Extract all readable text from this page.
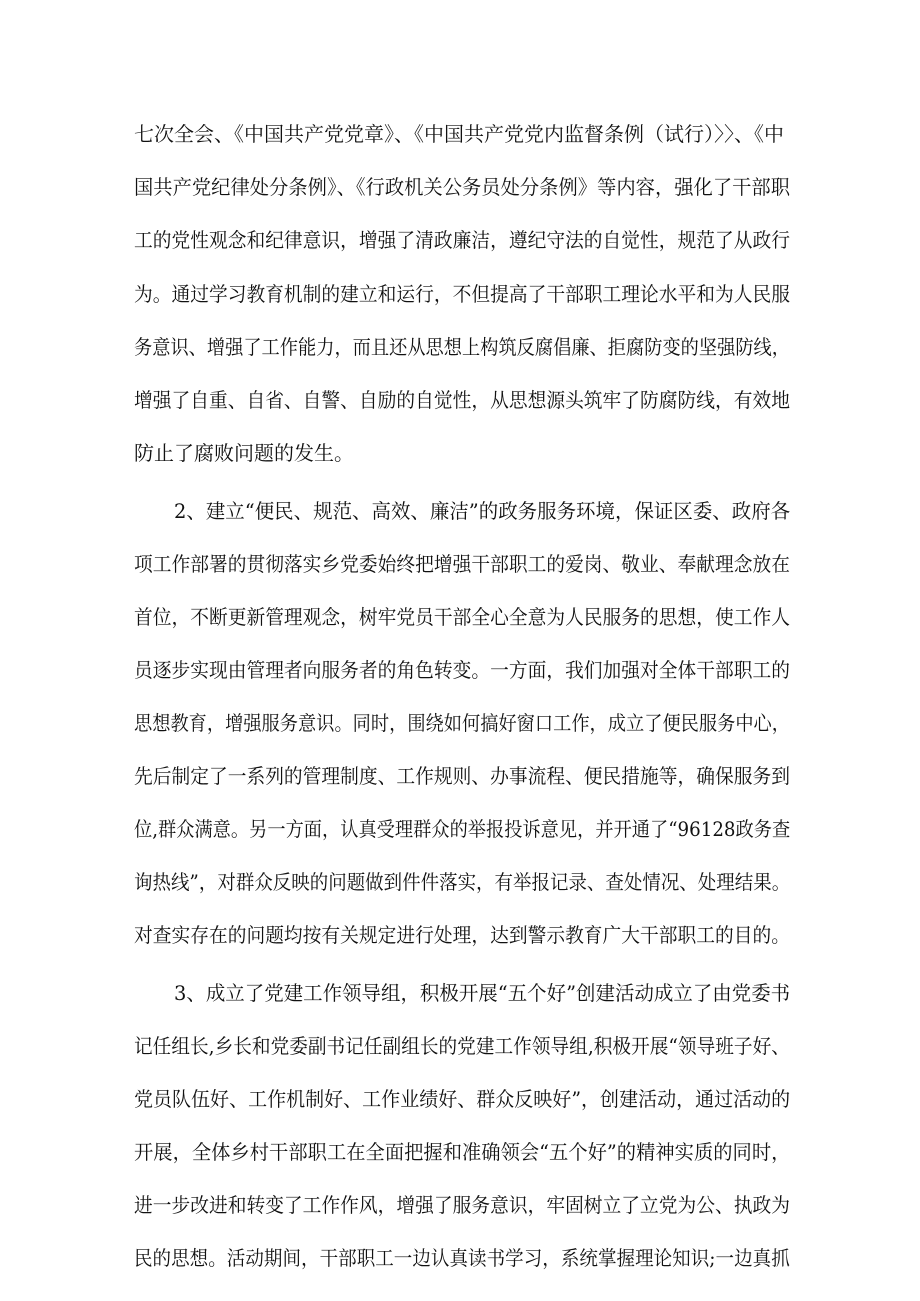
七次全会、《中国共产党党章》、《中国共产党党内监督条例（试行）〉〉、《中
国共产党纪律处分条例》、《行政机关公务员处分条例》等内容，强化了干部职
工的党性观念和纪律意识，增强了清政廉洁，遵纪守法的自觉性，规范了从政行
为。通过学习教育机制的建立和运行，不但提高了干部职工理论水平和为人民服
务意识、增强了工作能力，而且还从思想上构筑反腐倡廉、拒腐防变的坚强防线，
增强了自重、自省、自警、自励的自觉性，从思想源头筑牢了防腐防线，有效地
防止了腐败问题的发生。
2、建立“便民、规范、高效、廉洁”的政务服务环境，保证区委、政府各
项工作部署的贯彻落实乡党委始终把增强干部职工的爱岗、敬业、奉献理念放在
首位，不断更新管理观念，树牢党员干部全心全意为人民服务的思想，使工作人
员逐步实现由管理者向服务者的角色转变。一方面，我们加强对全体干部职工的
思想教育，增强服务意识。同时，围绕如何搞好窗口工作，成立了便民服务中心，
先后制定了一系列的管理制度、工作规则、办事流程、便民措施等，确保服务到
位,群众满意。另一方面，认真受理群众的举报投诉意见，并开通了“96128政务查
询热线”，对群众反映的问题做到件件落实，有举报记录、查处情况、处理结果。
对查实存在的问题均按有关规定进行处理，达到警示教育广大干部职工的目的。
3、成立了党建工作领导组，积极开展“五个好”创建活动成立了由党委书
记任组长,乡长和党委副书记任副组长的党建工作领导组,积极开展“领导班子好、
党员队伍好、工作机制好、工作业绩好、群众反映好”，创建活动，通过活动的
开展，全体乡村干部职工在全面把握和准确领会“五个好”的精神实质的同时，
进一步改进和转变了工作作风，增强了服务意识，牢固树立了立党为公、执政为
民的思想。活动期间，干部职工一边认真读书学习，系统掌握理论知识;一边真抓
